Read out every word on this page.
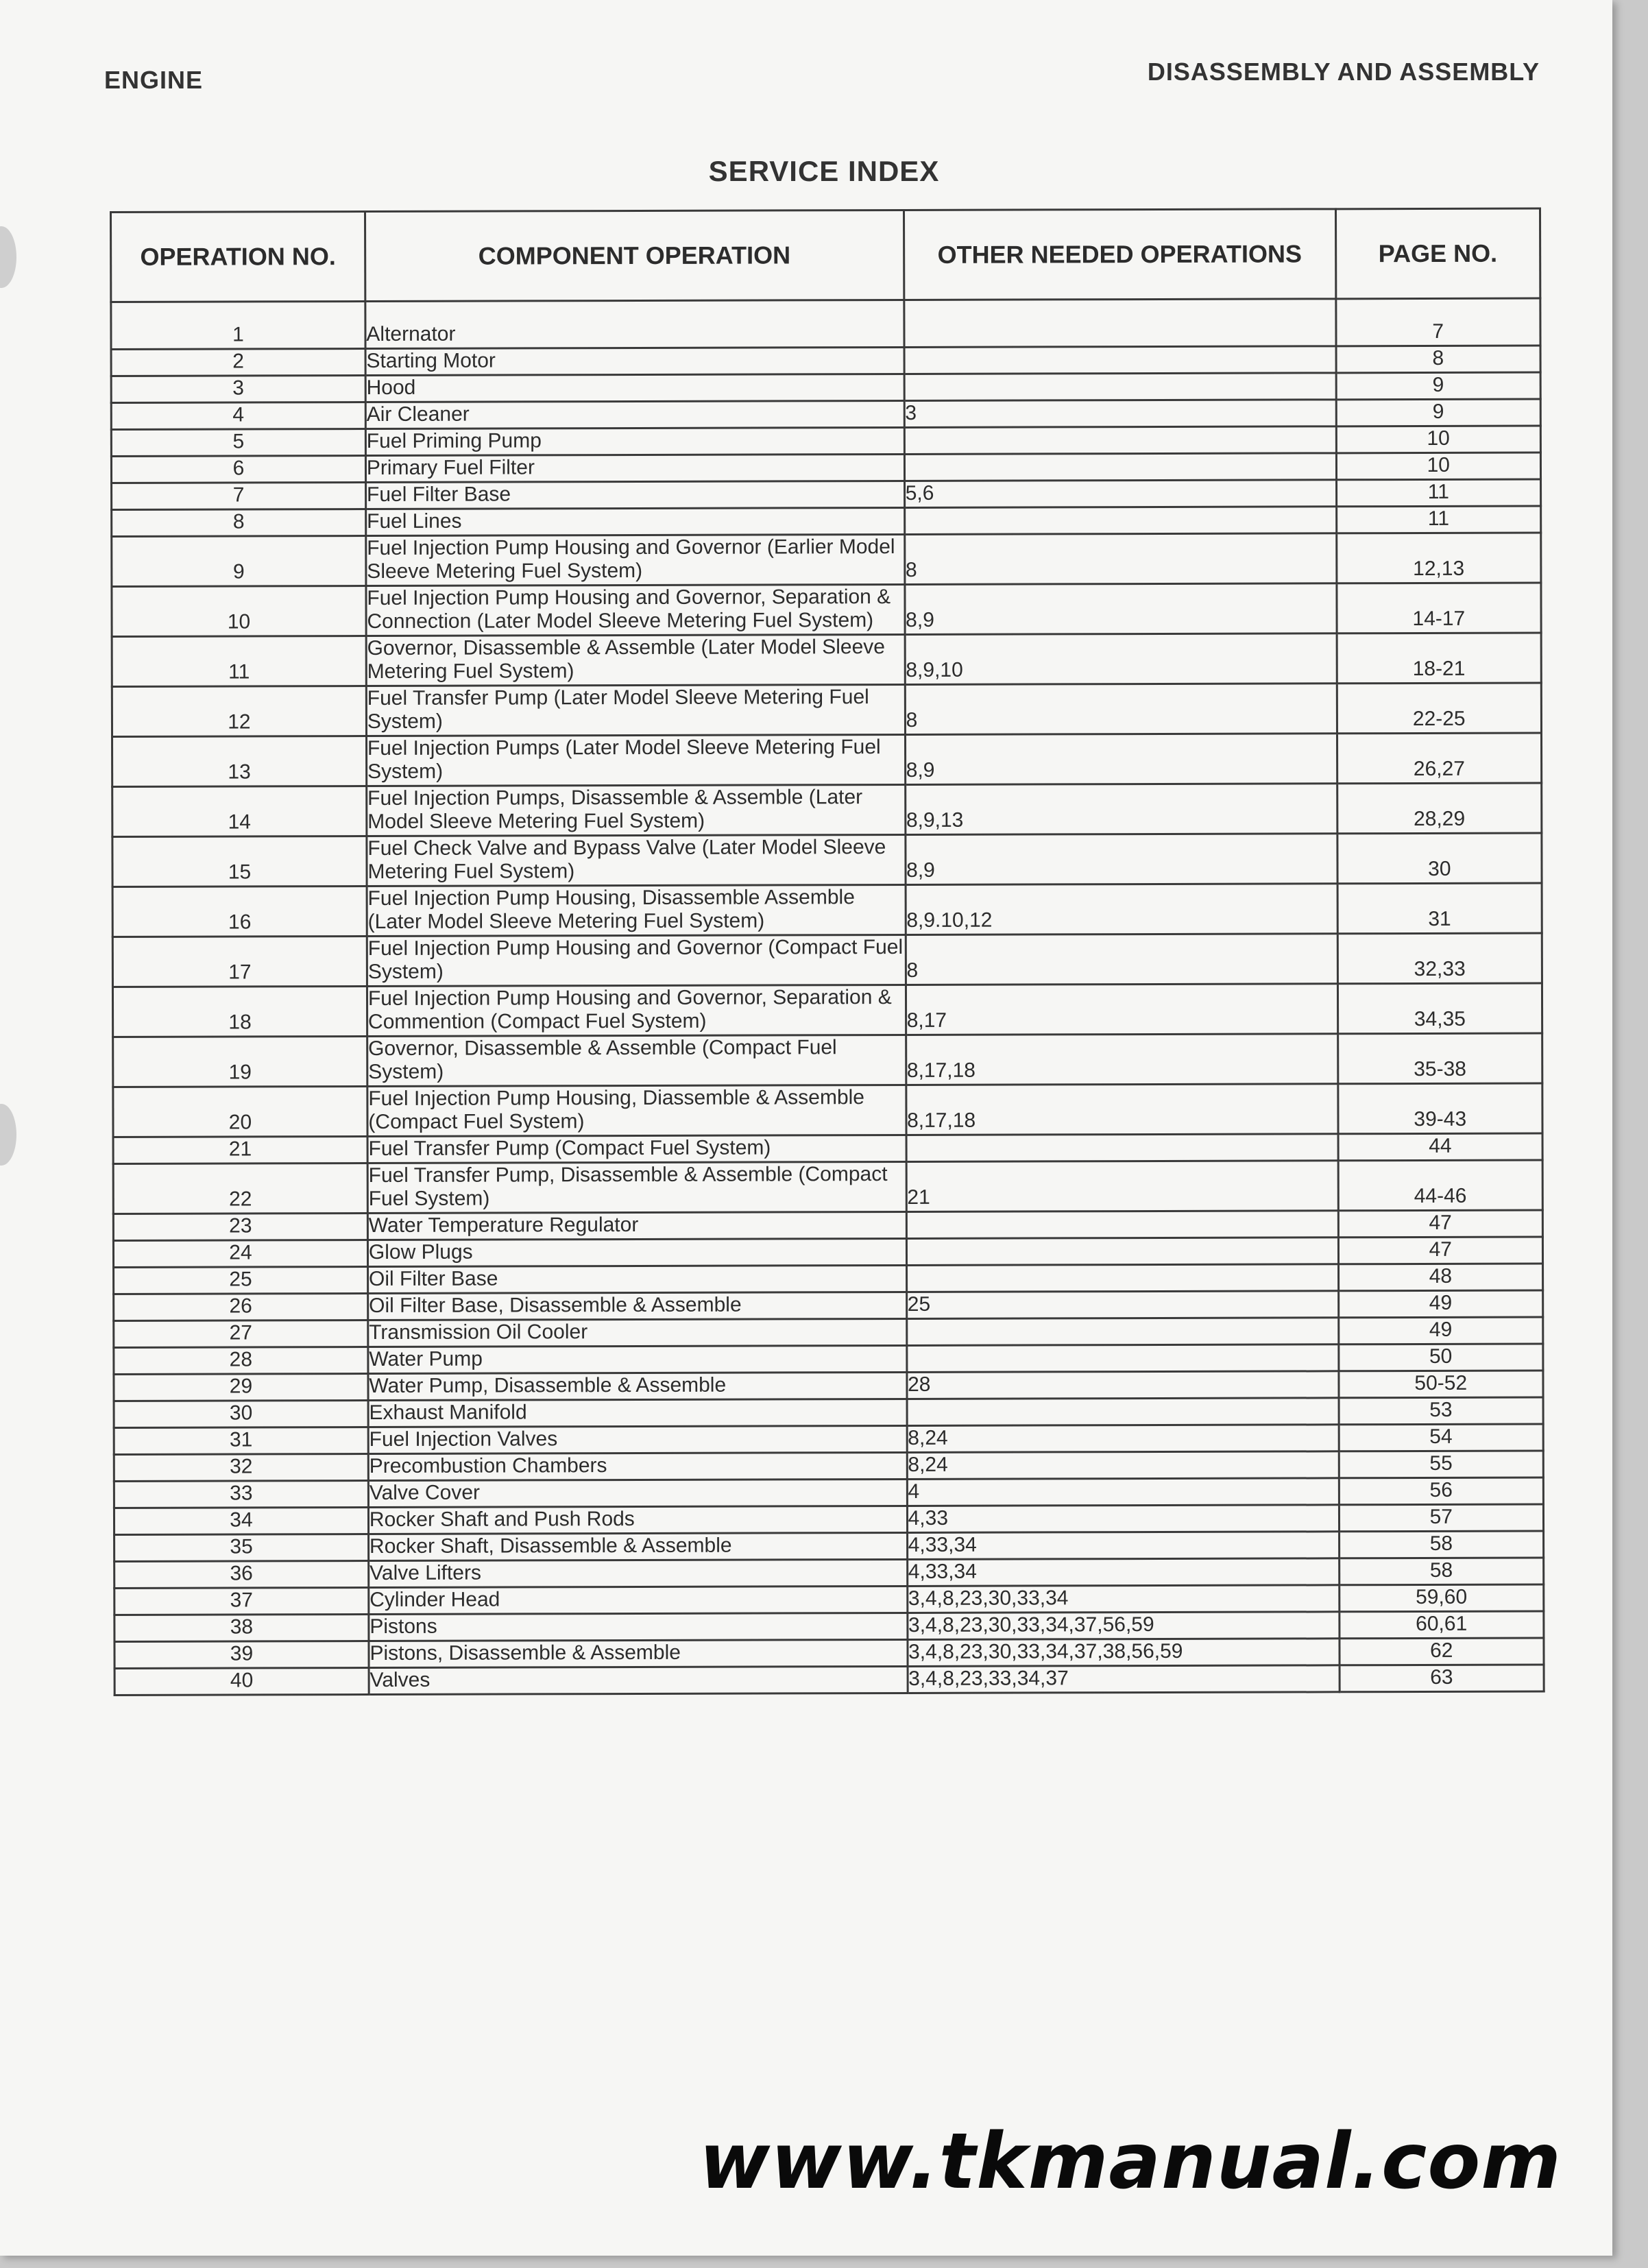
ENGINE	DISASSEMBLY AND ASSEMBLY
SERVICE INDEX
OPERATION NO.	COMPONENT OPERATION	OTHER NEEDED OPERATIONS	PAGE NO.
1	Alternator		7
2	Starting Motor		8
3	Hood		9
4	Air Cleaner	3	9
5	Fuel Priming Pump		10
6	Primary Fuel Filter		10
7	Fuel Filter Base	5,6	11
8	Fuel Lines		11
9	Fuel Injection Pump Housing and Governor (Earlier Model Sleeve Metering Fuel System)	8	12,13
10	Fuel Injection Pump Housing and Governor, Separation & Connection (Later Model Sleeve Metering Fuel System)	8,9	14-17
11	Governor, Disassemble & Assemble (Later Model Sleeve Metering Fuel System)	8,9,10	18-21
12	Fuel Transfer Pump (Later Model Sleeve Metering Fuel System)	8	22-25
13	Fuel Injection Pumps (Later Model Sleeve Metering Fuel System)	8,9	26,27
14	Fuel Injection Pumps, Disassemble & Assemble (Later Model Sleeve Metering Fuel System)	8,9,13	28,29
15	Fuel Check Valve and Bypass Valve (Later Model Sleeve Metering Fuel System)	8,9	30
16	Fuel Injection Pump Housing, Disassemble Assemble (Later Model Sleeve Metering Fuel System)	8,9.10,12	31
17	Fuel Injection Pump Housing and Governor (Compact Fuel System)	8	32,33
18	Fuel Injection Pump Housing and Governor, Separation & Commention (Compact Fuel System)	8,17	34,35
19	Governor, Disassemble & Assemble (Compact Fuel System)	8,17,18	35-38
20	Fuel Injection Pump Housing, Diassemble & Assemble (Compact Fuel System)	8,17,18	39-43
21	Fuel Transfer Pump (Compact Fuel System)		44
22	Fuel Transfer Pump, Disassemble & Assemble (Compact Fuel System)	21	44-46
23	Water Temperature Regulator		47
24	Glow Plugs		47
25	Oil Filter Base		48
26	Oil Filter Base, Disassemble & Assemble	25	49
27	Transmission Oil Cooler		49
28	Water Pump		50
29	Water Pump, Disassemble & Assemble	28	50-52
30	Exhaust Manifold		53
31	Fuel Injection Valves	8,24	54
32	Precombustion Chambers	8,24	55
33	Valve Cover	4	56
34	Rocker Shaft and Push Rods	4,33	57
35	Rocker Shaft, Disassemble & Assemble	4,33,34	58
36	Valve Lifters	4,33,34	58
37	Cylinder Head	3,4,8,23,30,33,34	59,60
38	Pistons	3,4,8,23,30,33,34,37,56,59	60,61
39	Pistons, Disassemble & Assemble	3,4,8,23,30,33,34,37,38,56,59	62
40	Valves	3,4,8,23,33,34,37	63
www.tkmanual.com
